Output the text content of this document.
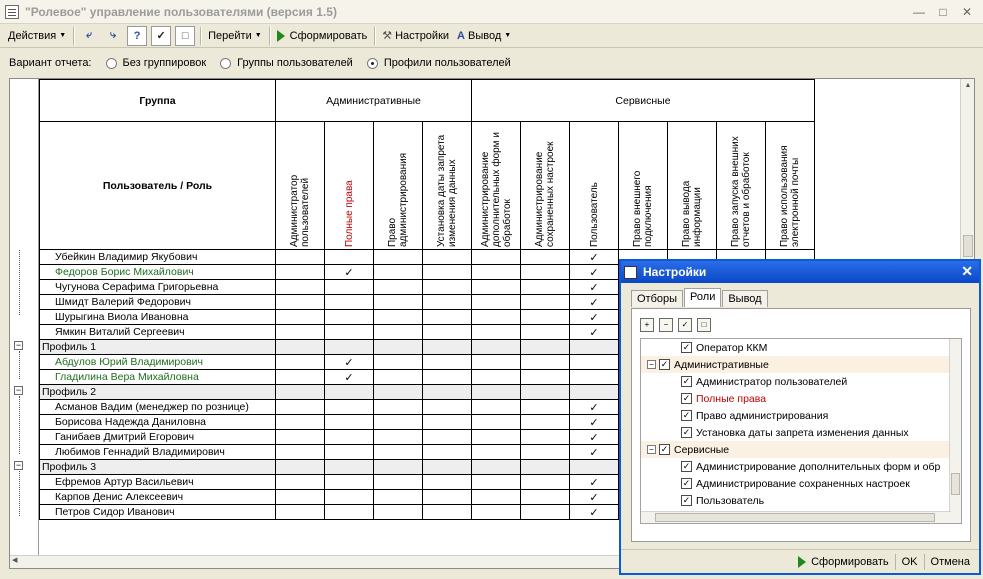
"Ролевое" управление пользователями (версия 1.5)	—	□	✕
Действия ▼	⤶	⤷	?	✓	□	Перейти ▼	Сформировать ⚒ Настройки A Вывод ▼
Вариант отчета:	Без группировок	Группы пользователей	Профили пользователей
−
−
−
Группа	Административные				Сервисные							
Пользователь / Роль	Администратор пользователей	Полные права	Право администрирования	Установка даты запрета изменения данных	Администрирование дополнительных форм и обработок	Администрирование сохраненных настроек	Пользователь	Право внешнего подключения	Право вывода информации	Право запуска внешних отчетов и обработок	Право использования электронной почты	

Убейкин Владимир Якубович							✓					
Федоров Борис Михайлович		✓					✓					
Чугунова Серафима Григорьевна							✓					
Шмидт Валерий Федорович							✓					
Шурыгина Виола Ивановна							✓					
Ямкин Виталий Сергеевич							✓					
Профиль 1												
Абдулов Юрий Владимирович		✓										
Гладилина Вера Михайловна		✓										
Профиль 2												
Асманов Вадим (менеджер по рознице)							✓					
Борисова Надежда Даниловна							✓					
Ганибаев Дмитрий Егорович							✓					
Любимов Геннадий Владимирович							✓					
Профиль 3												
Ефремов Артур Васильевич							✓					
Карпов Денис Алексеевич							✓					
Петров Сидор Иванович							✓					
▲
◀
Настройки	✕
Отборы	Роли	Вывод
+	−	✓	□
✓ Оператор ККМ
− ✓ Административные
✓ Администратор пользователей
✓ Полные права
✓ Право администрирования
✓ Установка даты запрета изменения данных
− ✓ Сервисные
✓ Администрирование дополнительных форм и обр
✓ Администрирование сохраненных настроек
✓ Пользователь
Сформировать	OK	Отмена
